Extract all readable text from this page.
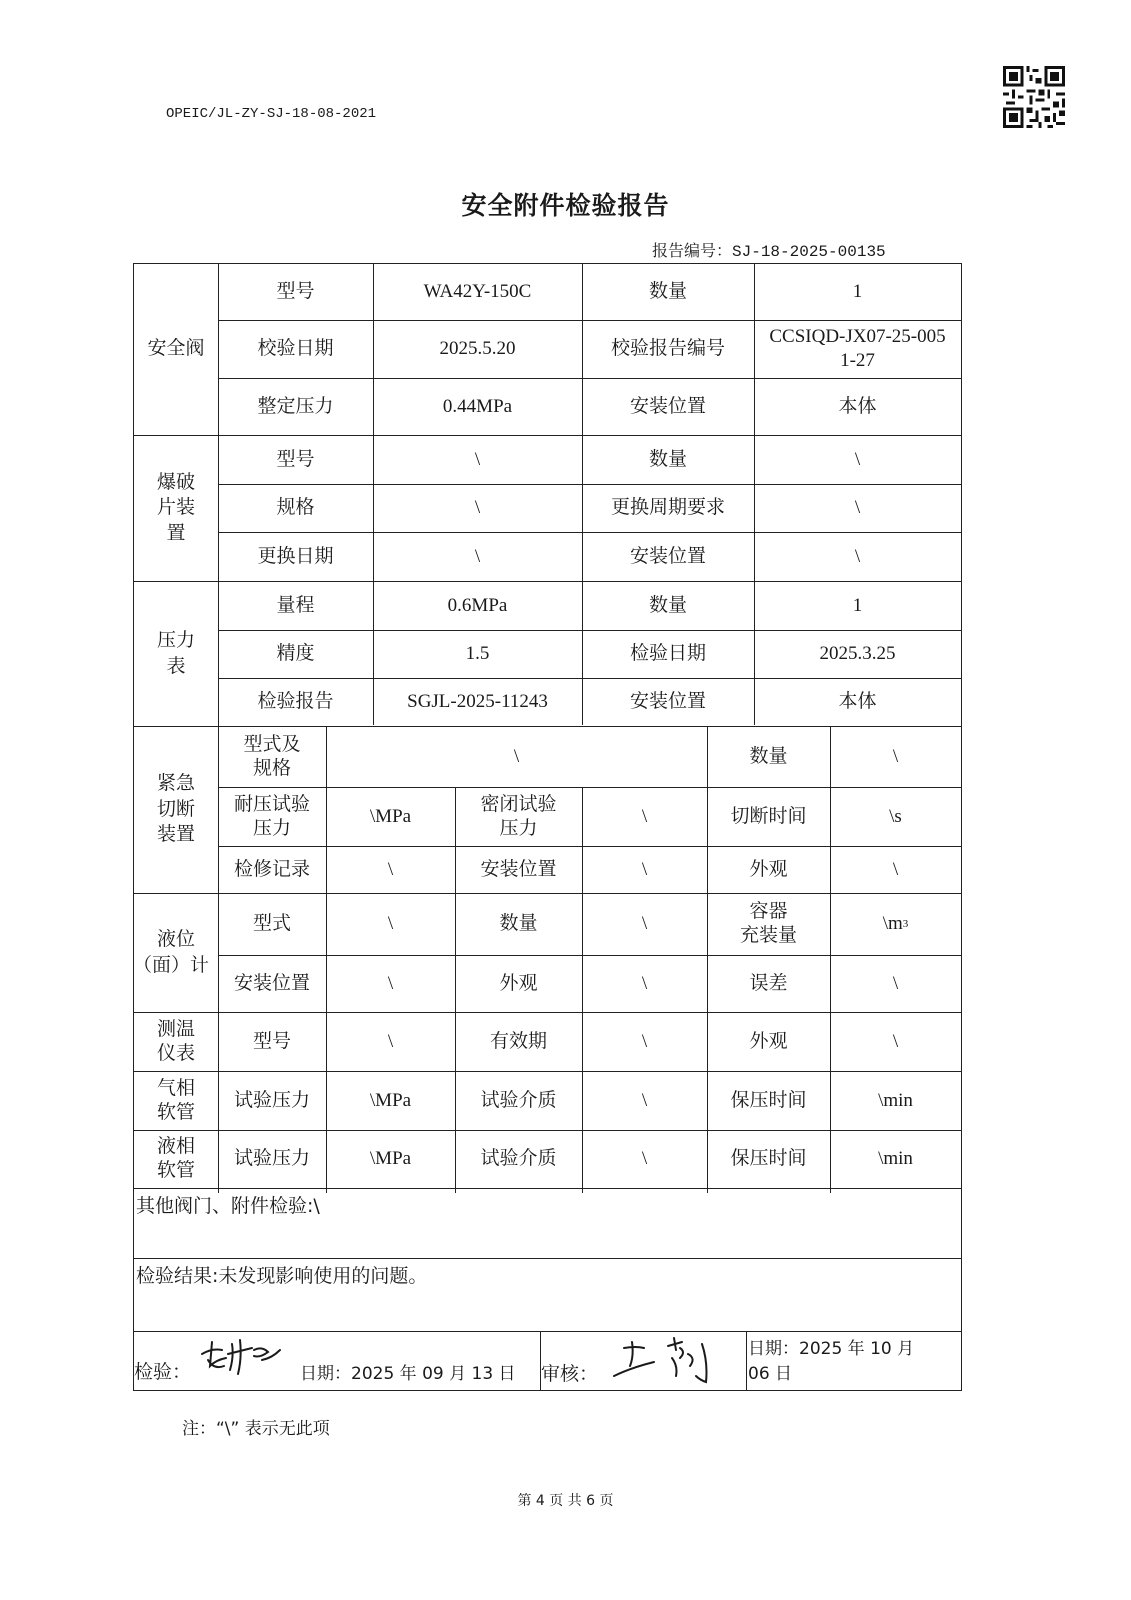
OPEIC/JL-ZY-SJ-18-08-2021
安全附件检验报告
报告编号：SJ-18-2025-00135
安全阀
型号	WA42Y-150C	数量	1
校验日期	2025.5.20	校验报告编号
CCSIQD-JX07-25-005
1-27
整定压力	0.44MPa	安装位置	本体
爆破
片装
置
型号	\	数量	\
规格	\	更换周期要求	\
更换日期	\	安装位置	\
压力
表
量程	0.6MPa	数量	1
精度	1.5	检验日期	2025.3.25
检验报告	SGJL-2025-11243	安装位置	本体
紧急
切断
装置
型式及
规格
\	数量	\
耐压试验
压力
\MPa
密闭试验
压力
\	切断时间	\s
检修记录	\	安装位置	\	外观	\
液位
（面）计
型式	\	数量	\
容器
充装量
\m 3
安装位置	\	外观	\	误差	\
测温
仪表
型号	\	有效期	\	外观	\
气相
软管
试验压力	\MPa	试验介质	\	保压时间	\min
液相
软管
试验压力	\MPa	试验介质	\	保压时间	\min
其他阀门、附件检验:\
检验结果:未发现影响使用的问题。
检验：	日期：2025 年 09 月 13 日	审核：
日期：2025 年 10 月
06 日
注：“\” 表示无此项
第 4 页 共 6 页
